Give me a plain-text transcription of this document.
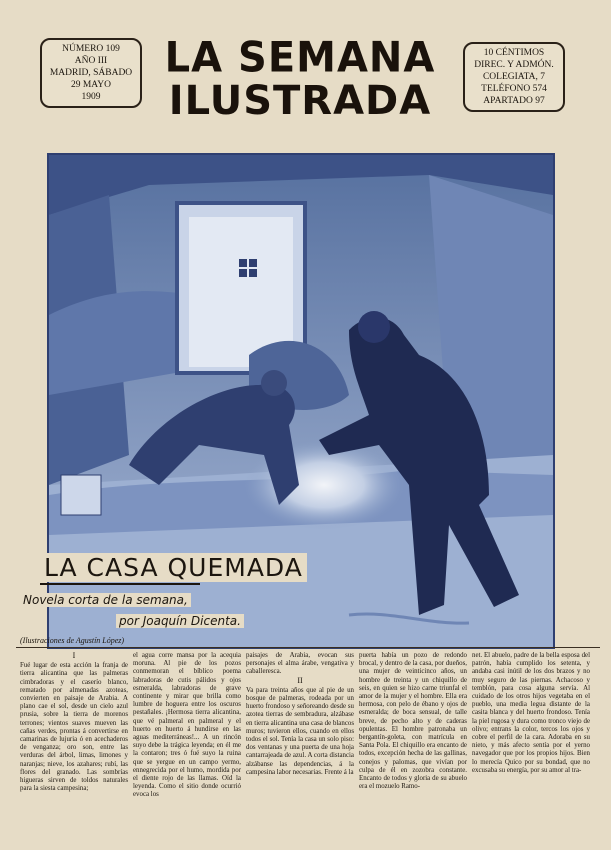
NÚMERO 109
AÑO III
MADRID, SÁBADO
29 MAYO
1909
LA SEMANA
ILUSTRADA
10 CÉNTIMOS
DIREC. Y ADMÓN.
COLEGIATA, 7
TELÉFONO 574
APARTADO 97
LA CASA QUEMADA
Novela corta de la semana,
por Joaquín Dicenta.
(Ilustraciones de Agustín López)

I

Fué lugar de esta acción la franja de tierra alicantina que las palmeras cimbradoras y el caserío blanco, rematado por almenadas azoteas, convierten en paisaje de Arabia. A plano cae el sol, desde un cielo azul prusia, sobre la tierra de morenos terrones; vientos suaves mueven las cañas verdes, prontas á convertirse en camarinas de lujuria ó en acechaderos de venganza; oro son, entre las verduras del árbol, limas, limones y naranjas; nieve, los azahares; rubí, las flores del granado. Las sombrías higueras sirven de toldos naturales para la siesta campesina;

el agua corre mansa por la acequia moruna. Al pie de los pozos conmemoran el bíblico poema labradoras de cutis pálidos y ojos esmeralda, labradoras de grave continente y mirar que brilla como lumbre de hoguera entre los oscuros pestañales. ¡Hermosa tierra alicantina, que vé palmeral en palmeral y el huerto en huerto á hundirse en las aguas mediterráneas!... A un rincón suyo debe la trágica leyenda; en él me la contaron; tres ó fué suyo la ruina que se yergue en un campo yermo, ennegrecida por el humo, mordida por el diente rojo de las llamas. Oíd la leyenda. Como el sitio donde ocurrió evoca los

paisajes de Arabia, evocan sus personajes el alma árabe, vengativa y caballeresca.

II

Va para treinta años que al pie de un bosque de palmeras, rodeada por un huerto frondoso y señoreando desde su azotea tierras de sembradura, alzábase en tierra alicantina una casa de blancos muros; tuvieron ellos, cuando en ellos todos el sol. Tenía la casa un solo piso: dos ventanas y una puerta de una hoja cantarrajeada de azul. A corta distancia alzábanse las dependencias, á la campesina labor necesarias. Frente á la

puerta había un pozo de redondo brocal, y dentro de la casa, por dueños, una mujer de veinticinco años, un hombre de treinta y un chiquillo de seis, en quien se hizo carne triunfal el amor de la mujer y el hombre. Ella era hermosa, con pelo de ébano y ojos de esmeralda; de boca sensual, de talle breve, de pecho alto y de caderas opulentas. El hombre patronaba un bergantín-goleta, con matrícula en Santa Pola. El chiquillo era encanto de todos, excepción hecha de las gallinas, conejos y palomas, que vivían por culpa de él en zozobra constante. Encanto de todos y gloria de su abuelo era el mozuelo Ramo-

net. El abuelo, padre de la bella esposa del patrón, había cumplido los setenta, y andaba casi inútil de los dos brazos y no muy seguro de las piernas. Achacoso y temblón, para cosa alguna servía. Al cuidado de los otros hijos vegetaba en el pueblo, una media legua distante de la casita blanca y del huerto frondoso. Tenía la piel rugosa y dura como tronco viejo de olivo; entrans la color, tercos los ojos y cobre el perfil de la cara. Adoraba en su nieto, y más afecto sentía por el yerno navegador que por los propios hijos. Bien lo merecía Quico por su bondad, que no excusaba su energía, por su amor al tra-
